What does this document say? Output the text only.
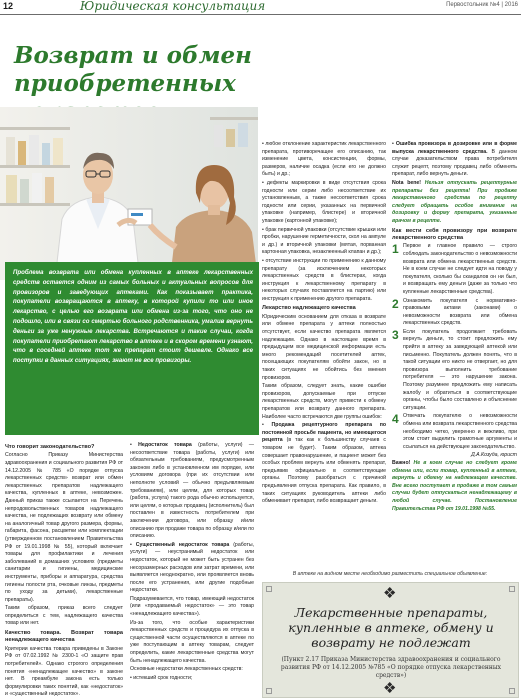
12	Юридическая консультация	Первостольник №4 | 2016
Возврат и обмен приобретенных

Проблема возврата или обмена купленных в аптеке лекарственных средств остается одним из самых больных и актуальных вопросов для провизоров и заведующих аптеками. Как показывает практика, покупатели возвращаются в аптеку, в которой купили то или иное лекарство, с целью его возврата или обмена из-за того, что оно не подошло, или в связи со смертью больного родственника, умалив вернуть деньги за уже ненужные лекарства. Встречаются и такие случаи, когда покупатели приобретают лекарство в аптеке и в скором времени узнают, что в соседней аптеке тот же препарат стоит дешевле. Однако все поступки в данных ситуациях, знают не все провизоры.

Что говорит законодательство?

Согласно Приказу Министерства здравоохранения и социального развития РФ от 14.12.2005 № 785 «О порядке отпуска лекарственных средств» возврат или обмен лекарственных препаратов надлежащего качества, купленных в аптеке, невозможен. Данный приказ также ссылается на Перечень непродовольственных товаров надлежащего качества, не подлежащих возврату или обмену на аналогичный товар другого размера, формы, габарита, фасона, расцветки или комплектации (утвержденном постановлением Правительства РФ от 19.01.1998 № 55), который включает товары для профилактики и лечения заболеваний в домашних условиях (предметы санитарии и гигиены, медицинские инструменты, приборы и аппаратура, средства гигиены полости рта, очковые линзы, предметы по уходу за детьми), лекарственные препараты).

Таким образом, приказ всего следует определиться с тем, надлежащего качества товар или нет.

Качество товара. Возврат товара ненадлежащего качества

Критерии качества товара приведены в Законе РФ от 07.02.1992 № 2300-1 «О защите прав потребителей». Однако строгого определения понятия «ненадлежащее качество» в законе нет. В преамбуле закона есть только формулировки таких понятий, как «недостаток» и «существенный недостаток».

• Недостаток товара (работы, услуги) — несоответствие товара (работы, услуги) или обязательным требованиям, предусмотренным законом либо в установленном им порядке, или условиям договора (при их отсутствии или неполноте условий — обычно предъявляемым требованиям), или целям, для которых товар (работа, услуга) такого рода обычно используется, или целям, о которых продавец (исполнитель) был поставлен в известность потребителем при заключении договора, или образцу и/или описанию при продаже товара по образцу и/или по описанию.

• Существенный недостаток товара (работы, услуги) — неустранимый недостаток или недостаток, который не может быть устранен без несоразмерных расходов или затрат времени, или выявляется неоднократно, или проявляется вновь после его устранения, или другие подобные недостатки.

Подразумевается, что товар, имеющий недостаток (или «продаваемый недостаток» — это товар «ненадлежащего качества»).

Из-за того, что особые характеристики лекарственных средств и процедура их отпуска в существенной части осуществляются в аптеке по уже поступающим в аптеку товарам, следует определить, какие лекарственные средства могут быть ненадлежащего качества.

Основные недостатки лекарственных средств:

• истекший срок годности;

• любое отклонение характеристик лекарственного препарата, противоречащее его описанию, так изменение цвета, консистенции, формы, размеров, наличие осадка (если его не должно быть) и др.;

• дефекты маркировки в виде отсутствия срока годности или серии либо несоответствие их установленным, а также несоответствия срока годности или серии, указанных на первичной упаковке (например, блистере) и вторичной упаковке (картонной упаковке);

• брак первичной упаковки (отсутствие крышки или пробки, нарушение герметичности, скол на ампуле и др.) и вторичной упаковки (мятая, порванная картонная упаковка, незаклеенный клапан и др.);

• отсутствие инструкции по применению к данному препарату (за исключением некоторых лекарственных средств в блистерах, когда инструкция к лекарственному препарату в некоторых случаях поставляется на партию) или инструкция к применению другого препарата.

Лекарство надлежащего качества

Юридическим основанием для отказа в возврате или обмене препарата у аптеки полностью отсутствует, если качество препарата является надлежащим. Однако в настоящее время в предыдущем все медицинской информации есть много рекомендаций посетителей аптек, посещающих покупателям обойти закон, но в таких ситуациях не обойтись без мнения провизоров.

Таким образом, следует знать, какие ошибки провизоров, допускаемые при отпуске лекарственных средств, могут привести к обмену препаратов или возврату данного препарата. Наиболее часто встречаются две группы ошибок:

• Продажа рецептурного препарата по постоянной просьбе пациента, но имеющегося рецепта (в так как к большинству случаев с товаром не будет). Таким образом, аптека совершает правонарушение, и пациент может без особых проблем вернуть или обменять препарат, предъявив официально в соответствующие органы. Поэтому разобраться с причиной предъявления отпуска препарата. Как правило, в таких ситуациях руководитель аптеки либо обменивает препарат, либо возвращает деньги.

• Ошибка провизора в дозировке или в форме выпуска лекарственного средства. В данном случае доказательством права потребителя служит рецепт, поэтому продавец либо обменять препарат, либо вернуть деньги.

Nota bene! Нельзя отпускать рецептурные препараты без рецепта! При продаже лекарственного средства по рецепту следует обращать особое внимание на дозировку и форму препарата, указанные врачом в рецепте.

Как вести себя провизору при возврате лекарственного средства

1 Первое и главное правило — строго соблюдать законодательство о невозможности возврата или обмена лекарственных средств. Не в коем случае не следует идти на поводу у покупателя, сколько бы скандалов он ни был, и возвращать ему деньги (даже за только что купленные лекарственные средства).

2 Ознакомить покупателя с нормативно-правовыми актами (законами) о невозможности возврата или обмена лекарственных средств.

3 Если покупатель продолжает требовать вернуть деньги, то стоит предложить ему прийти в аптеку за заведующей аптекой или письменно. Покупатель должен понять, что в такой ситуации его никто не отвергает, но для провизора выполнить требование потребителя — это нарушение закона. Поэтому разумнее предложить ему написать жалобу и обратиться в соответствующие органы, чтобы было составлено и объяснение ситуации.

4 Отвечать покупателю о невозможности обмена или возврата лекарственного средства необходимо четко, уверенно и вежливо, при этом стоит выделить грамотные аргументы и ссылаться на действующее законодательство.

Д.А.Козуда, юрист

Важно! Не в коем случае но следует кроме обмена или, если товар, купленный в аптеке, вернуть и обмену на надлежащем качестве. Вне всего поступает в продаже в том самым случаи будет отпускаться ненадлежащему в любой случае. Постановление Правительства РФ от 19.01.1998 №55.

В аптеке на видном месте необходимо разместить специальное объявление:
❖

Лекарственные препараты, купленные в аптеке, обмену и возврату не подлежат

(Пункт 2.17 Приказа Министерства здравоохранения и социального развития РФ от 14.12.2005 №785 «О порядке отпуска лекарственных средств»)

❖
